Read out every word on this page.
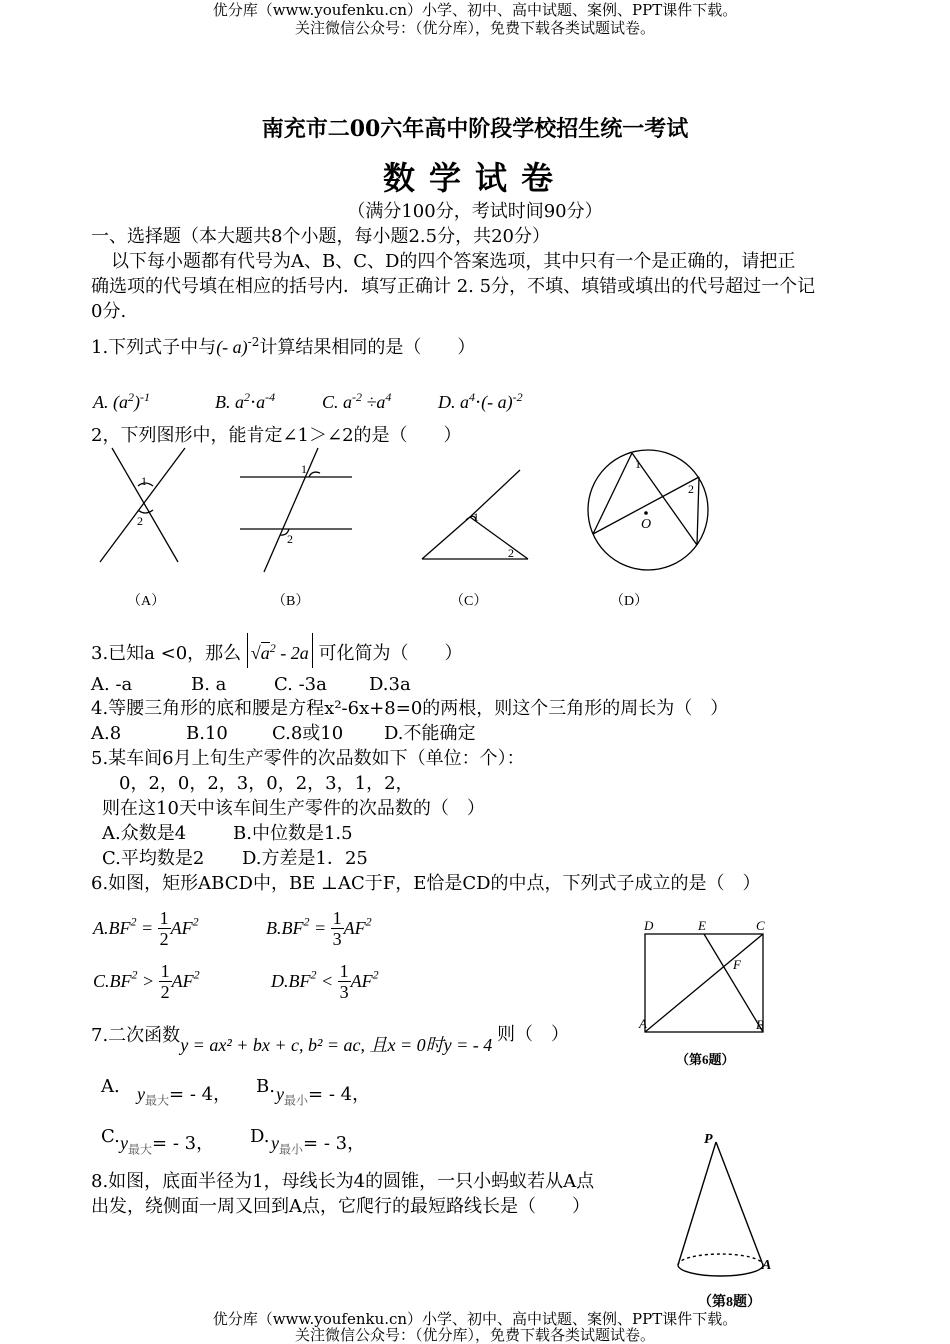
优分库（www.youfenku.cn）小学、初中、高中试题、案例、PPT课件下载。
关注微信公众号：（优分库），免费下载各类试题试卷。
南充市二00六年高中阶段学校招生统一考试
数学试卷
（满分100分，考试时间90分）
一、选择题（本大题共8个小题，每小题2.5分，共20分）
以下每小题都有代号为A、B、C、D的四个答案选项，其中只有一个是正确的，请把正
确选项的代号填在相应的括号内．填写正确计 2. 5分，不填、填错或填出的代号超过一个记
0分.
1.下列式子中与(- a)$^{-2}$计算结果相同的是（　　）
A. $(a^2)^{-1}$	B. $a^2\cdot a^{-4}$	C. $a^{-2} \div a^4$	D. $a^4\cdot(-$ a)$^{-2}$
2，下列图形中，能肯定∠1＞∠2的是（　　）
1
2
1
2
1
2
1
2
O
（A）	（B）	（C）	（D）
3.已知a <0，那么 $√a^2 - 2a$ 可化简为（　　）
A. -a	B. a	C. -3a D.3a
4.等腰三角形的底和腰是方程x²-6x+8=0的两根，则这个三角形的周长为（　）
A.8	B.10 C.8或10 D.不能确定
5.某车间6月上旬生产零件的次品数如下（单位：个）：
0，2，0，2，3，0，2，3，1，2，
则在这10天中该车间生产零件的次品数的（　）
A.众数是4	B.中位数是1.5
C.平均数是2 D.方差是1．25
6.如图，矩形ABCD中，BE ⊥AC于F，E恰是CD的中点，下列式子成立的是（　）
$A.BF^2 = \frac{1}{2} AF^2$	$B.BF^2 = \frac{1}{3} AF^2$
$C.BF^2 > \frac{1}{2} AF^2$	$D.BF^2 < \frac{1}{3} AF^2$
D	E	C
F
A	B
（第6题）
7.二次函数y = ax² + bx + c, b² = ac, 且x = 0时y = - 4 则（　）
A. $y_{最大}= - 4$， B. $y_{最小}= - 4$，
C. $y_{最大}= - 3$， D. $y_{最小}= - 3$，
8.如图，底面半径为1，母线长为4的圆锥，一只小蚂蚁若从A点
出发，绕侧面一周又回到A点，它爬行的最短路线长是（　　）
P
A
（第8题）
优分库（www.youfenku.cn）小学、初中、高中试题、案例、PPT课件下载。
关注微信公众号：（优分库），免费下载各类试题试卷。
